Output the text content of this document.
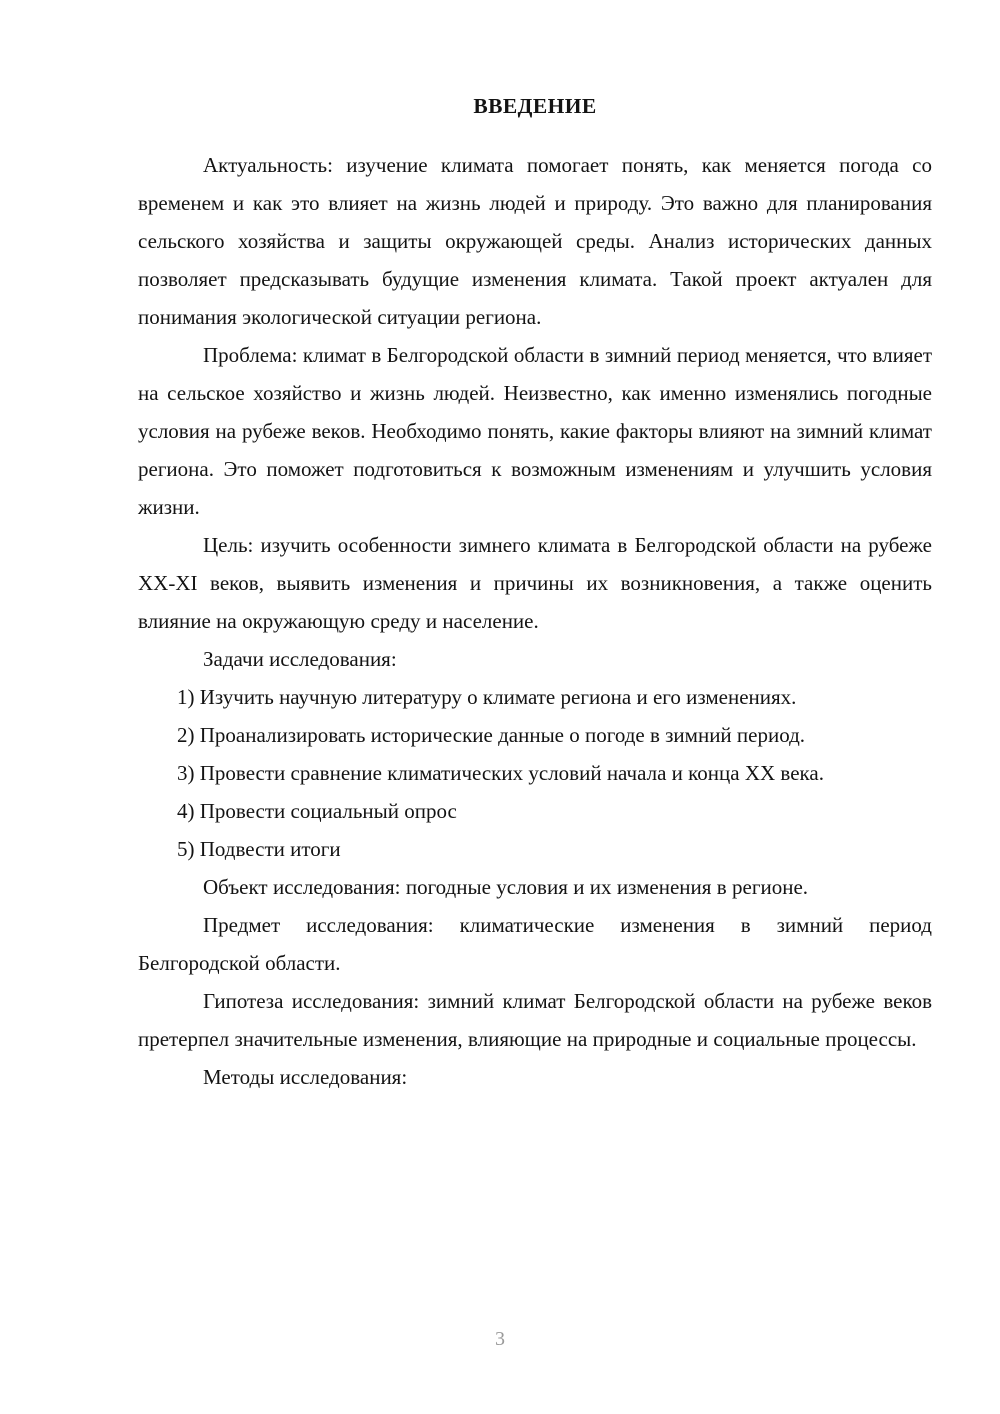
ВВЕДЕНИЕ

Актуальность: изучение климата помогает понять, как меняется погода со временем и как это влияет на жизнь людей и природу. Это важно для планирования сельского хозяйства и защиты окружающей среды. Анализ исторических данных позволяет предсказывать будущие изменения климата. Такой проект актуален для понимания экологической ситуации региона.

Проблема: климат в Белгородской области в зимний период меняется, что влияет на сельское хозяйство и жизнь людей. Неизвестно, как именно изменялись погодные условия на рубеже веков. Необходимо понять, какие факторы влияют на зимний климат региона. Это поможет подготовиться к возможным изменениям и улучшить условия жизни.

Цель: изучить особенности зимнего климата в Белгородской области на рубеже XX-XI веков, выявить изменения и причины их возникновения, а также оценить влияние на окружающую среду и население.

Задачи исследования:

1) Изучить научную литературу о климате региона и его изменениях.

2) Проанализировать исторические данные о погоде в зимний период.

3) Провести сравнение климатических условий начала и конца XX века.

4) Провести социальный опрос

5) Подвести итоги

Объект исследования: погодные условия и их изменения в регионе.

Предмет исследования: климатические изменения в зимний период Белгородской области.

Гипотеза исследования: зимний климат Белгородской области на рубеже веков претерпел значительные изменения, влияющие на природные и социальные процессы.

Методы исследования:

3
